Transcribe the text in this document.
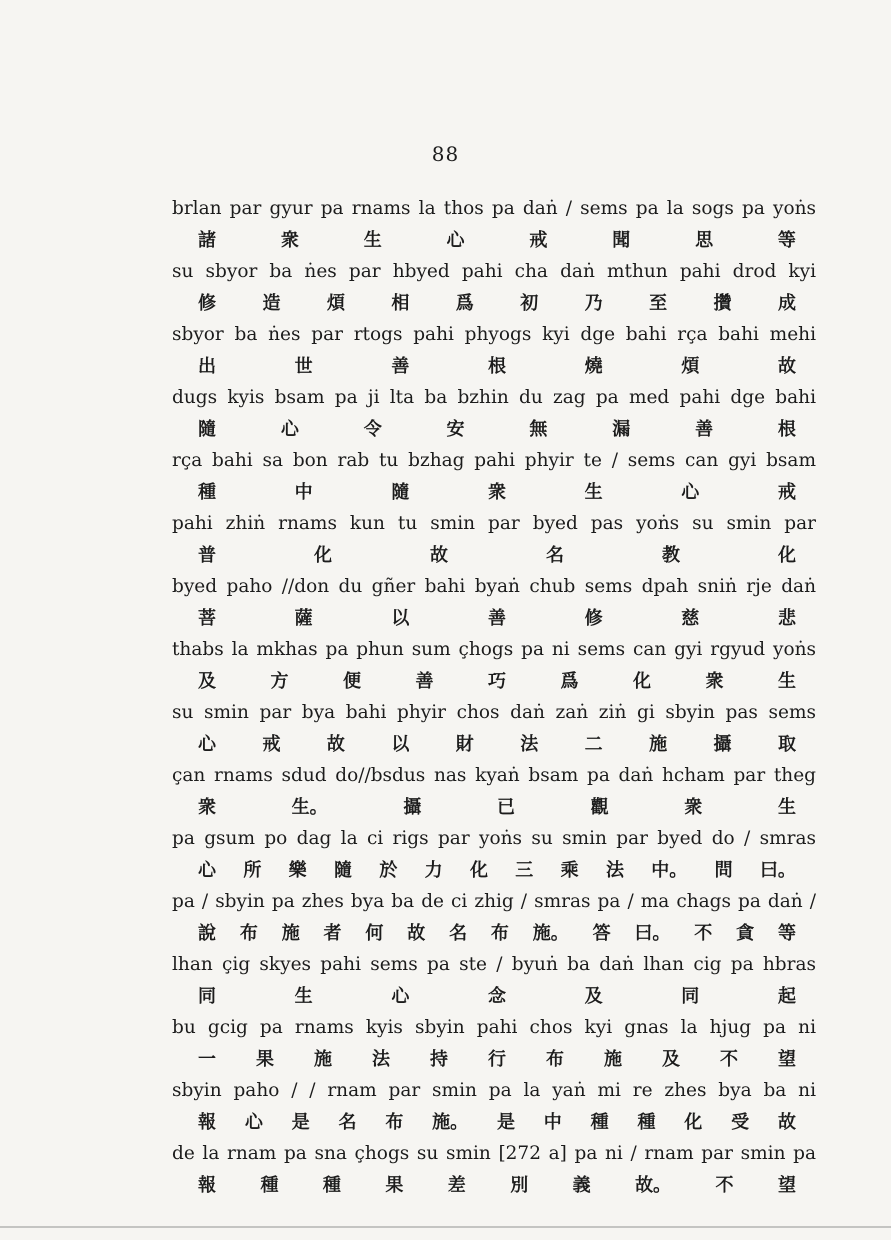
88
brlan par gyur pa rnams la thos pa daṅ / sems pa la sogs pa yoṅs
諸	衆	生	心	戒	聞	思	等
su sbyor ba ṅes par hbyed pahi cha daṅ mthun pahi drod kyi
修	造	煩	相	爲	初	乃	至	攢	成
sbyor ba ṅes par rtogs pahi phyogs kyi dge bahi rça bahi mehi
出	世	善	根	燒	煩	故
dugs kyis bsam pa ji lta ba bzhin du zag pa med pahi dge bahi
隨	心	令	安	無	漏	善	根
rça bahi sa bon rab tu bzhag pahi phyir te / sems can gyi bsam
種	中	隨	衆	生	心	戒
pahi zhiṅ rnams kun tu smin par byed pas yoṅs su smin par
普	化	故	名	教	化
byed paho //don du gñer bahi byaṅ chub sems dpah sniṅ rje daṅ
菩	薩	以	善	修	慈	悲
thabs la mkhas pa phun sum çhogs pa ni sems can gyi rgyud yoṅs
及	方	便	善	巧	爲	化	衆	生
su smin par bya bahi phyir chos daṅ zaṅ ziṅ gi sbyin pas sems
心	戒	故	以	財	法	二	施	攝	取
çan rnams sdud do//bsdus nas kyaṅ bsam pa daṅ hcham par theg
衆	生。	攝	已	觀	衆	生
pa gsum po dag la ci rigs par yoṅs su smin par byed do / smras
心 所 樂 隨 於 力 化 三 乘 法 中。 問 曰。
pa / sbyin pa zhes bya ba de ci zhig / smras pa / ma chags pa daṅ /
說 布 施 者 何 故 名 布 施。 答 曰。 不 貪 等
lhan çig skyes pahi sems pa ste / byuṅ ba daṅ lhan cig pa hbras
同	生	心	念	及	同	起
bu gcig pa rnams kyis sbyin pahi chos kyi gnas la hjug pa ni
一 果 施 法 持 行 布 施 及 不 望
sbyin paho / / rnam par smin pa la yaṅ mi re zhes bya ba ni
報 心 是 名 布 施。 是 中 種 種 化 受 故
de la rnam pa sna çhogs su smin [272 a] pa ni / rnam par smin pa
報 種 種 果 差 別 義 故。 不 望
